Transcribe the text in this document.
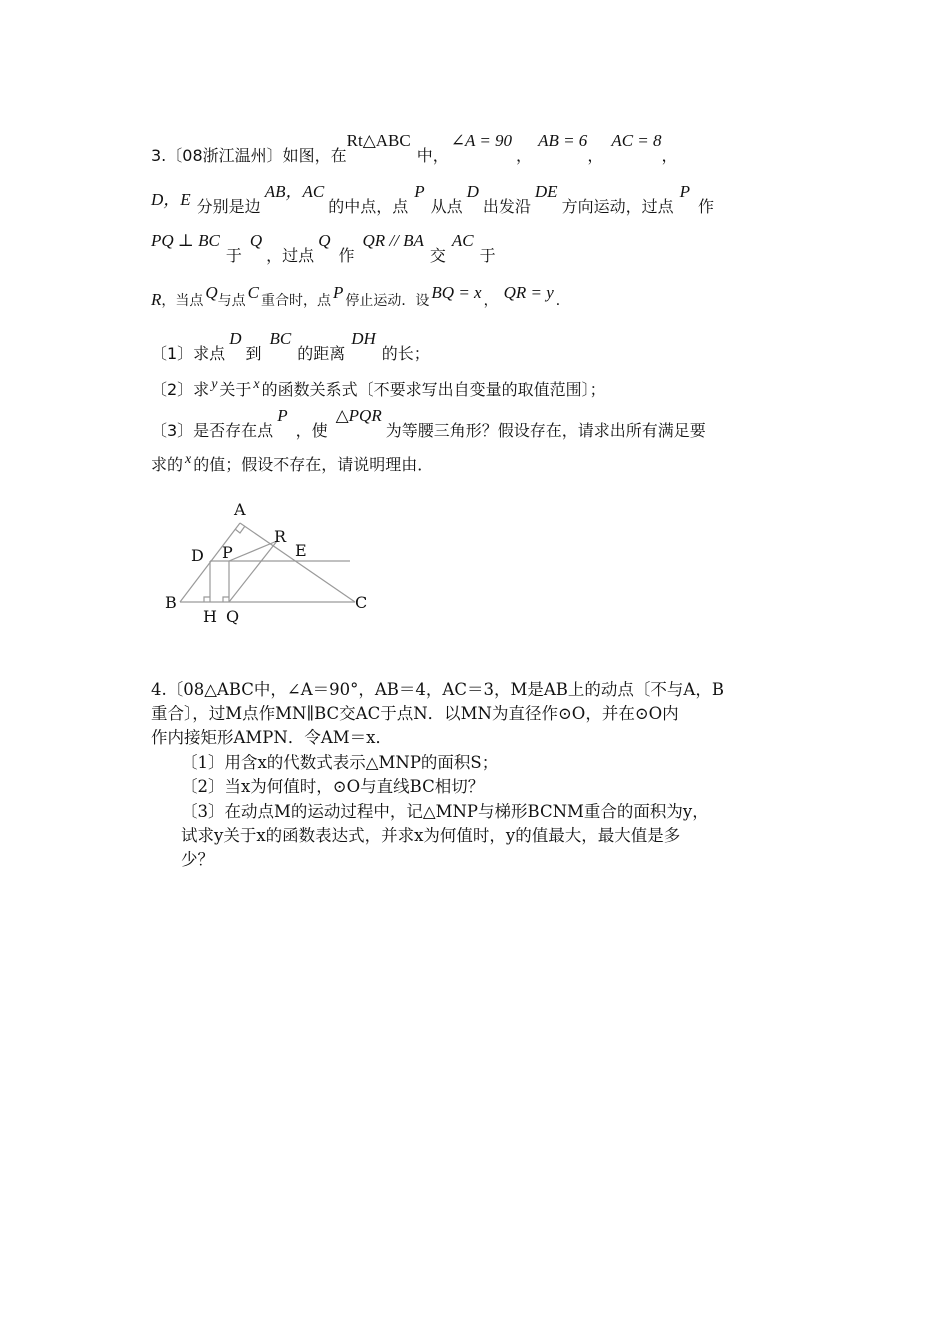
3.〔08浙江温州〕如图，在Rt△ABC中，∠A = 90，AB = 6，AC = 8，
D，E 分别是边AB，AC的中点，点P从点D出发沿DE方向运动，过点P作
PQ ⊥ BC于Q，过点Q作QR // BA交AC于
R，当点 Q与点 C 重合时，点 P 停止运动．设 BQ = x ， QR = y ．
〔1〕求点D到BC的距离DH的长；
〔2〕求 $^y$ 关于 $^x$ 的函数关系式〔不要求写出自变量的取值范围〕；
〔3〕是否存在点P，使△PQR为等腰三角形？假设存在，请求出所有满足要
求的 $^x$ 的值；假设不存在，请说明理由．
A
B	C
D P
R
E
H Q
4.〔08△ABC中，∠A＝90°，AB＝4，AC＝3，M是AB上的动点〔不与A，B
重合〕，过M点作MN∥BC交AC于点N．以MN为直径作⊙O，并在⊙O内
作内接矩形AMPN．令AM＝x．
〔1〕用含x的代数式表示△MNP的面积S；
〔2〕当x为何值时，⊙O与直线BC相切？
〔3〕在动点M的运动过程中，记△MNP与梯形BCNM重合的面积为y，
试求y关于x的函数表达式，并求x为何值时，y的值最大，最大值是多
少？
